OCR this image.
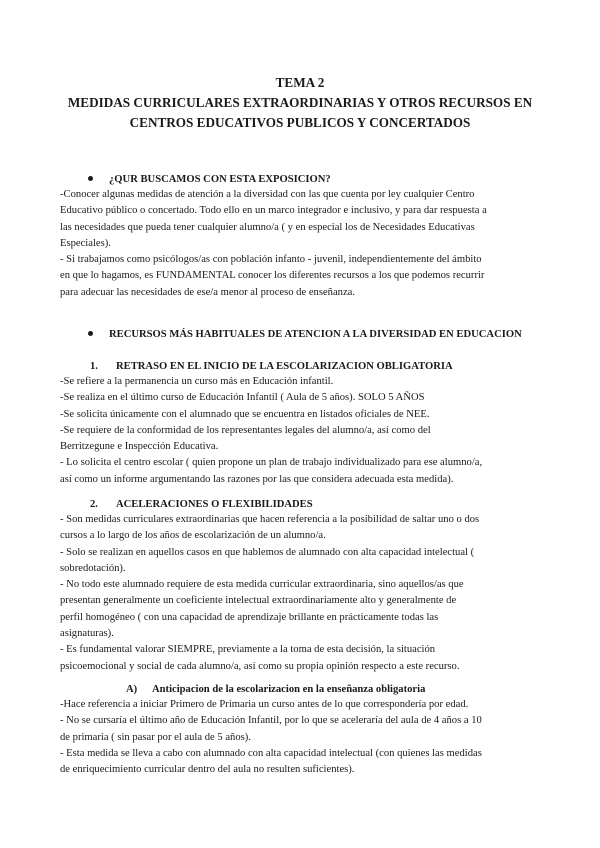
TEMA 2
MEDIDAS CURRICULARES EXTRAORDINARIAS Y OTROS RECURSOS EN
CENTROS EDUCATIVOS PUBLICOS Y CONCERTADOS
¿QUR BUSCAMOS CON ESTA EXPOSICION?
-Conocer algunas medidas de atención a la diversidad con las que cuenta por ley cualquier Centro
Educativo público o concertado. Todo ello en un marco integrador e inclusivo, y para dar respuesta a
las necesidades que pueda tener cualquier alumno/a ( y en especial los de Necesidades Educativas
Especiales).
- Si trabajamos como psicólogos/as con población infanto - juvenil, independientemente del ámbito
en que lo hagamos, es FUNDAMENTAL conocer los diferentes recursos a los que podemos recurrir
para adecuar las necesidades de ese/a menor al proceso de enseñanza.
RECURSOS MÁS HABITUALES DE ATENCION A LA DIVERSIDAD EN EDUCACION
1. RETRASO EN EL INICIO DE LA ESCOLARIZACION OBLIGATORIA
-Se refiere a la permanencia un curso más en Educación infantil.
-Se realiza en el último curso de Educación Infantil ( Aula de 5 años). SOLO 5 AÑOS
-Se solicita únicamente con el alumnado que se encuentra en listados oficiales de NEE.
-Se requiere de la conformidad de los representantes legales del alumno/a, así como del
Berritzegune e Inspección Educativa.
- Lo solicita el centro escolar ( quien propone un plan de trabajo individualizado para ese alumno/a,
así como un informe argumentando las razones por las que considera adecuada esta medida).
2. ACELERACIONES O FLEXIBILIDADES
- Son medidas curriculares extraordinarias que hacen referencia a la posibilidad de saltar uno o dos
cursos a lo largo de los años de escolarización de un alumno/a.
- Solo se realizan en aquellos casos en que hablemos de alumnado con alta capacidad intelectual (
sobredotación).
- No todo este alumnado requiere de esta medida curricular extraordinaria, sino aquellos/as que
presentan generalmente un coeficiente intelectual extraordinariamente alto y generalmente de
perfil homogéneo ( con una capacidad de aprendizaje brillante en prácticamente todas las
asignaturas).
- Es fundamental valorar SIEMPRE, previamente a la toma de esta decisión, la situación
psicoemocional y social de cada alumno/a, así como su propia opinión respecto a este recurso.
A) Anticipacion de la escolarizacion en la enseñanza obligatoria
-Hace referencia a iniciar Primero de Primaria un curso antes de lo que correspondería por edad.
- No se cursaría el último año de Educación Infantil, por lo que se aceleraría del aula de 4 años a 10
de primaria ( sin pasar por el aula de 5 años).
- Esta medida se lleva a cabo con alumnado con alta capacidad intelectual (con quienes las medidas
de enriquecimiento curricular dentro del aula no resulten suficientes).
